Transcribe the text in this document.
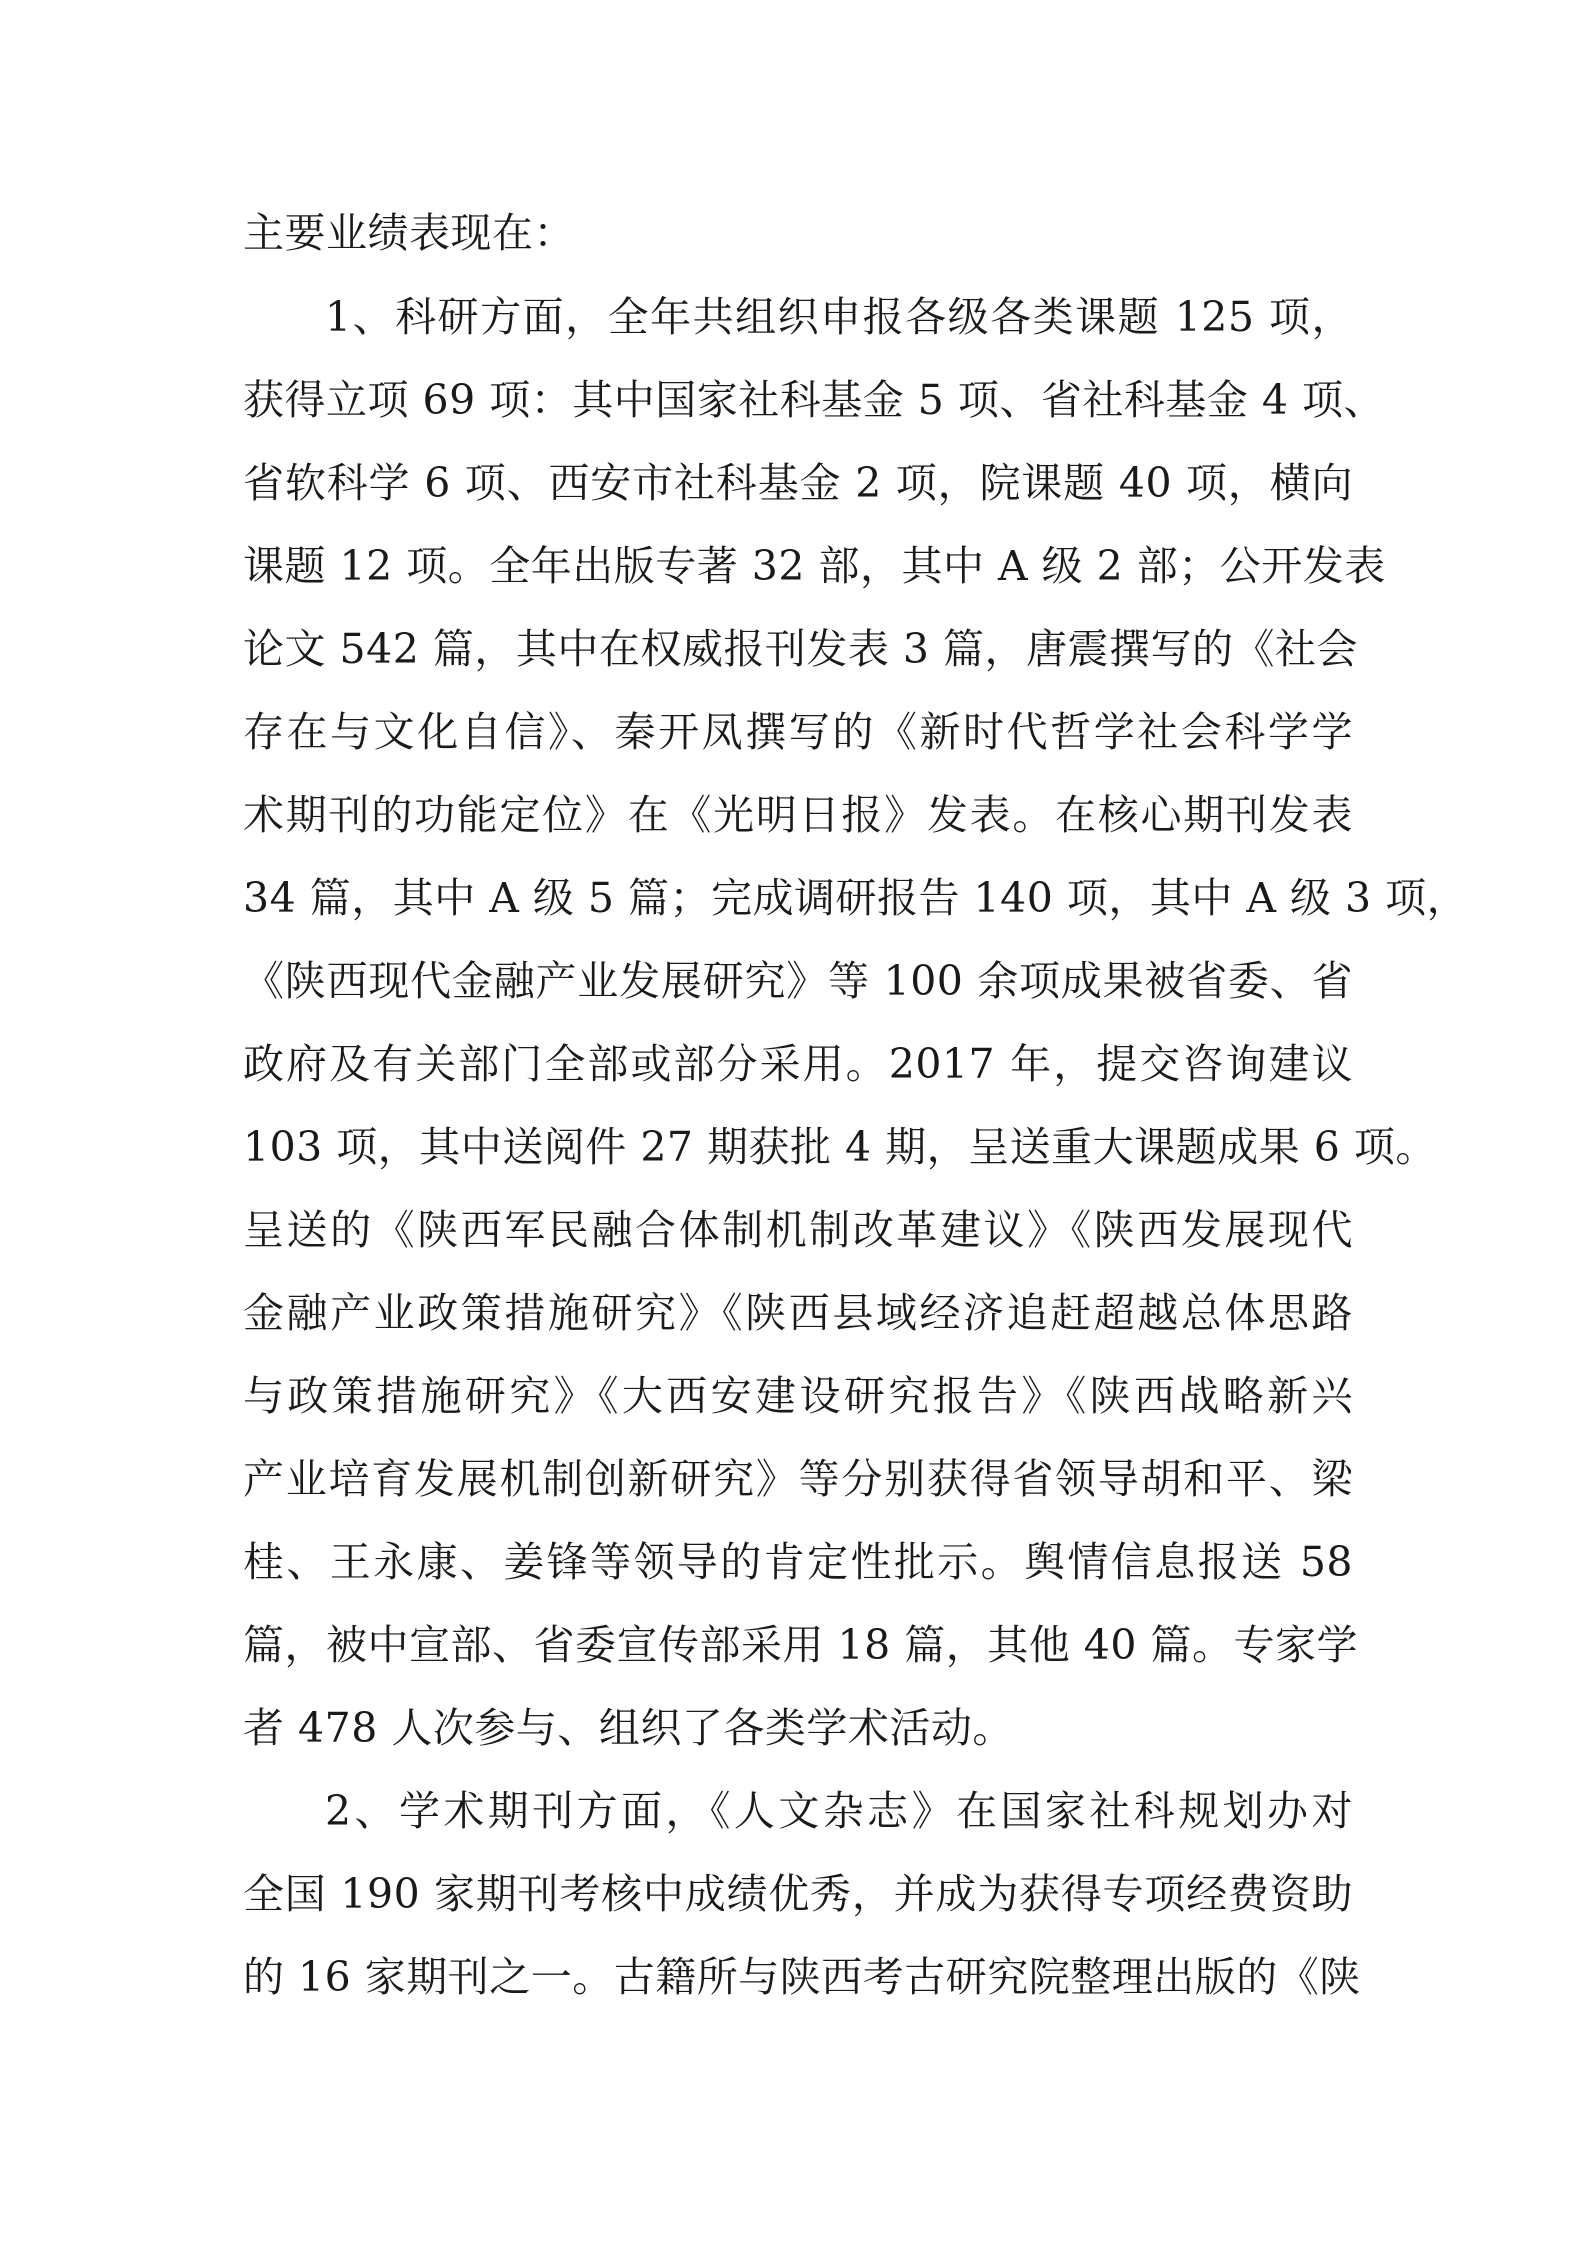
主要业绩表现在：
1、科研方面，全年共组织申报各级各类课题 125 项，
获得立项 69 项：其中国家社科基金 5 项、省社科基金 4 项、
省软科学 6 项、西安市社科基金 2 项，院课题 40 项，横向
课题 12 项。全年出版专著 32 部，其中 A 级 2 部；公开发表
论文 542 篇，其中在权威报刊发表 3 篇，唐震撰写的《社会
存在与文化自信》、秦开凤撰写的《新时代哲学社会科学学
术期刊的功能定位》在《光明日报》发表。在核心期刊发表
34 篇，其中 A 级 5 篇；完成调研报告 140 项，其中 A 级 3 项，
《陕西现代金融产业发展研究》等 100 余项成果被省委、省
政府及有关部门全部或部分采用。2017 年，提交咨询建议
103 项，其中送阅件 27 期获批 4 期，呈送重大课题成果 6 项。
呈送的《陕西军民融合体制机制改革建议》《陕西发展现代
金融产业政策措施研究》《陕西县域经济追赶超越总体思路
与政策措施研究》《大西安建设研究报告》《陕西战略新兴
产业培育发展机制创新研究》等分别获得省领导胡和平、梁
桂、王永康、姜锋等领导的肯定性批示。舆情信息报送 58
篇，被中宣部、省委宣传部采用 18 篇，其他 40 篇。专家学
者 478 人次参与、组织了各类学术活动。
2、学术期刊方面，《人文杂志》在国家社科规划办对
全国 190 家期刊考核中成绩优秀，并成为获得专项经费资助
的 16 家期刊之一。古籍所与陕西考古研究院整理出版的《陕
